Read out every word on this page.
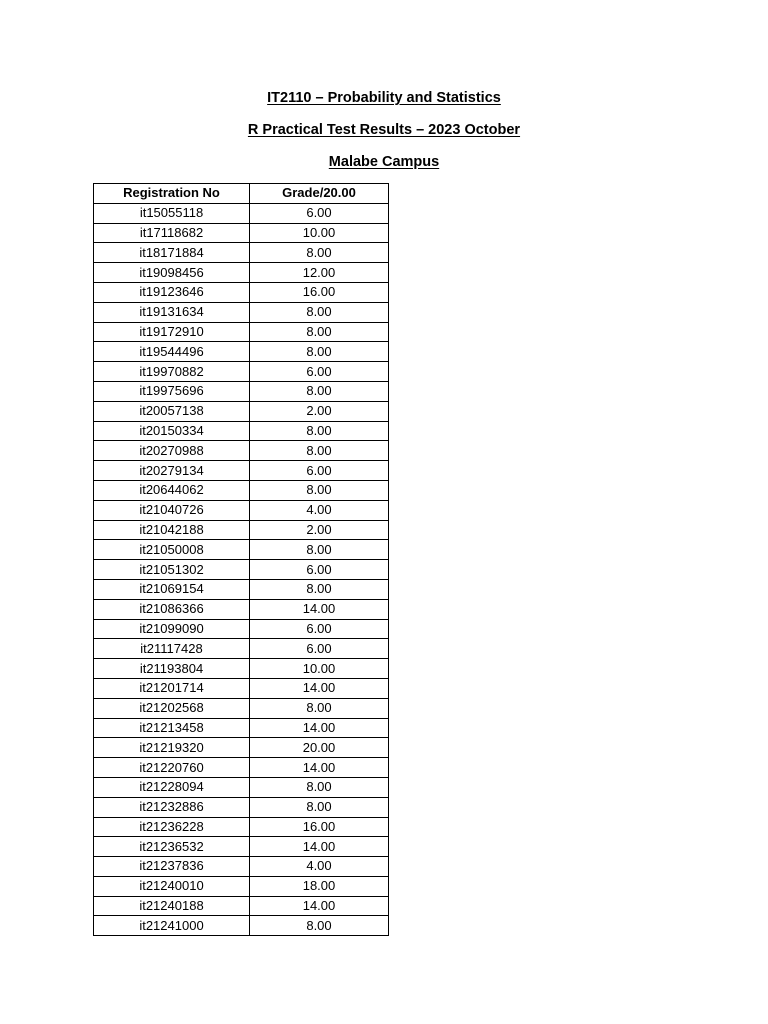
IT2110 – Probability and Statistics

R Practical Test Results – 2023 October

Malabe Campus

Registration No	Grade/20.00
it15055118	6.00
it17118682	10.00
it18171884	8.00
it19098456	12.00
it19123646	16.00
it19131634	8.00
it19172910	8.00
it19544496	8.00
it19970882	6.00
it19975696	8.00
it20057138	2.00
it20150334	8.00
it20270988	8.00
it20279134	6.00
it20644062	8.00
it21040726	4.00
it21042188	2.00
it21050008	8.00
it21051302	6.00
it21069154	8.00
it21086366	14.00
it21099090	6.00
it21117428	6.00
it21193804	10.00
it21201714	14.00
it21202568	8.00
it21213458	14.00
it21219320	20.00
it21220760	14.00
it21228094	8.00
it21232886	8.00
it21236228	16.00
it21236532	14.00
it21237836	4.00
it21240010	18.00
it21240188	14.00
it21241000	8.00
